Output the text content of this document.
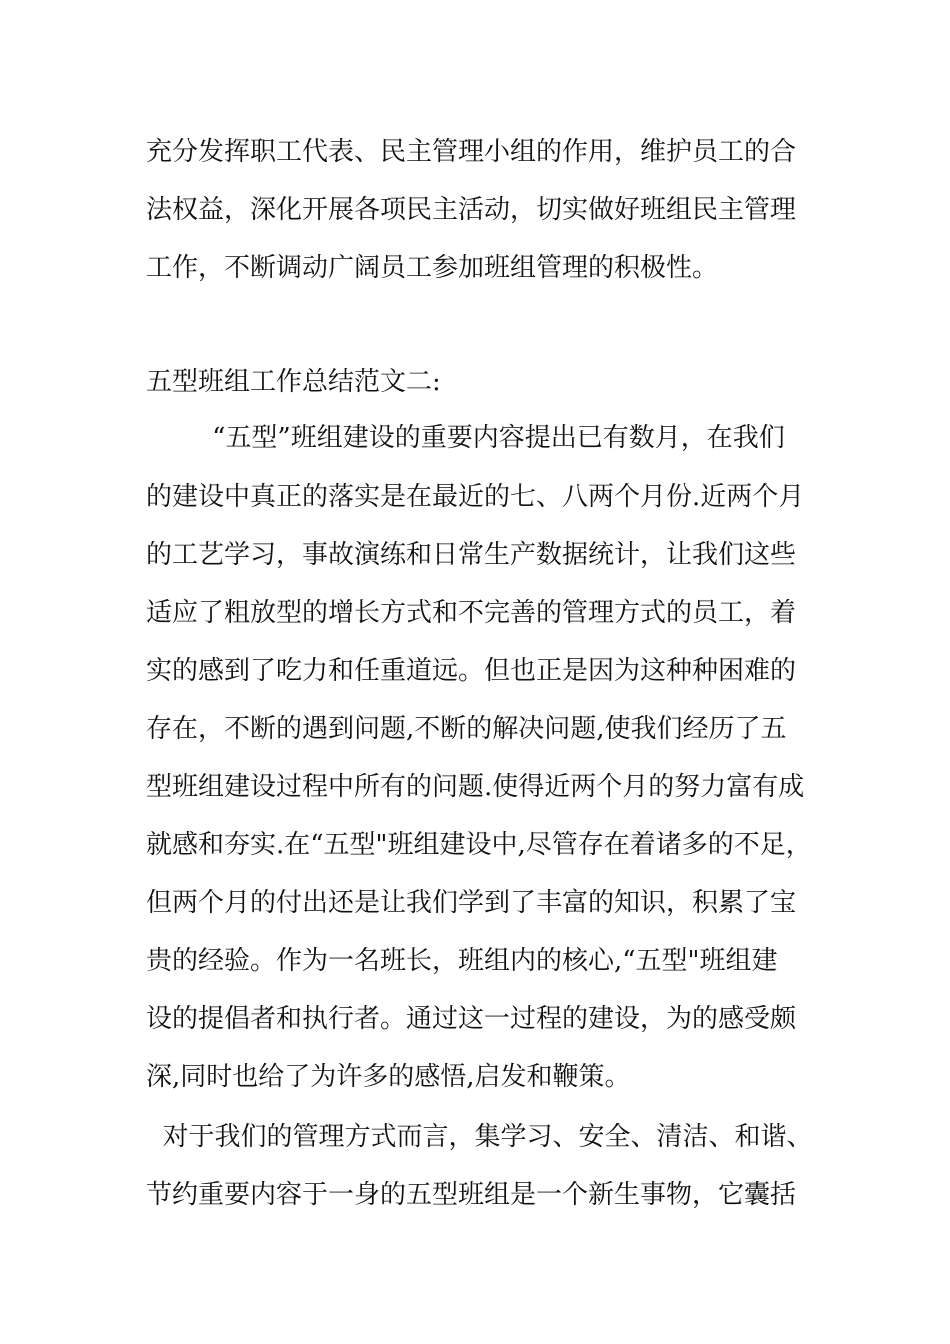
充分发挥职工代表、民主管理小组的作用，维护员工的合
法权益，深化开展各项民主活动，切实做好班组民主管理
工作，不断调动广阔员工参加班组管理的积极性。
五型班组工作总结范文二:
“五型”班组建设的重要内容提出已有数月，在我们
的建设中真正的落实是在最近的七、八两个月份.近两个月
的工艺学习，事故演练和日常生产数据统计，让我们这些
适应了粗放型的增长方式和不完善的管理方式的员工，着
实的感到了吃力和任重道远。但也正是因为这种种困难的
存在，不断的遇到问题,不断的解决问题,使我们经历了五
型班组建设过程中所有的问题.使得近两个月的努力富有成
就感和夯实.在“五型"班组建设中,尽管存在着诸多的不足，
但两个月的付出还是让我们学到了丰富的知识，积累了宝
贵的经验。作为一名班长，班组内的核心,“五型"班组建
设的提倡者和执行者。通过这一过程的建设，为的感受颇
深,同时也给了为许多的感悟,启发和鞭策。
对于我们的管理方式而言，集学习、安全、清洁、和谐、
节约重要内容于一身的五型班组是一个新生事物，它囊括
